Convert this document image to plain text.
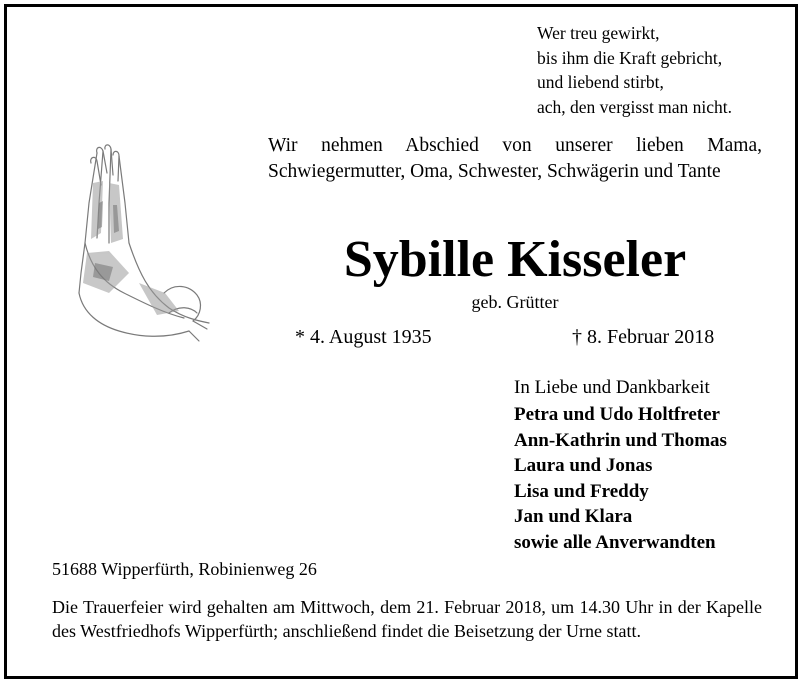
Wer treu gewirkt,
bis ihm die Kraft gebricht,
und liebend stirbt,
ach, den vergisst man nicht.
Wir nehmen Abschied von unserer lieben Mama, Schwiegermutter, Oma, Schwester, Schwägerin und Tante
Sybille Kisseler
geb. Grütter
* 4. August 1935	† 8. Februar 2018
In Liebe und Dankbarkeit
Petra und Udo Holtfreter
Ann-Kathrin und Thomas
Laura und Jonas
Lisa und Freddy
Jan und Klara
sowie alle Anverwandten
51688 Wipperfürth, Robinienweg 26
Die Trauerfeier wird gehalten am Mittwoch, dem 21. Februar 2018, um 14.30 Uhr in der Kapelle des Westfriedhofs Wipperfürth; anschließend findet die Beisetzung der Urne statt.
